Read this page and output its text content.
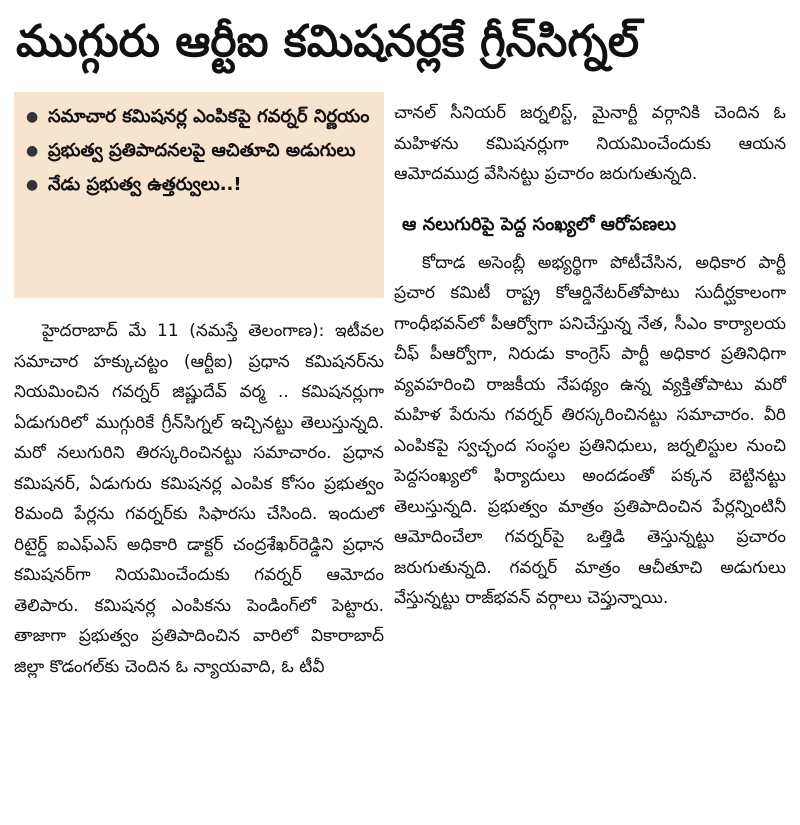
ముగ్గురు ఆర్టీఐ కమిషనర్లకే గ్రీన్‌సిగ్నల్
● సమాచార కమిషనర్ల ఎంపికపై గవర్నర్ నిర్ణయం
● ప్రభుత్వ ప్రతిపాదనలపై ఆచితూచి అడుగులు
● నేడు ప్రభుత్వ ఉత్తర్వులు..!

హైదరాబాద్ మే 11 (నమస్తే తెలంగాణ): ఇటీవల సమాచార హక్కుచట్టం (ఆర్టీఐ) ప్రధాన కమిషనర్‌ను నియమించిన గవర్నర్ జిష్ణుదేవ్ వర్మ .. కమిషనర్లుగా ఏడుగురిలో ముగ్గురికే గ్రీన్‌సిగ్నల్ ఇచ్చినట్టు తెలుస్తున్నది. మరో నలుగురిని తిరస్కరించినట్టు సమాచారం. ప్రధాన కమిషనర్, ఏడుగురు కమిషనర్ల ఎంపిక కోసం ప్రభుత్వం 8మంది పేర్లను గవర్నర్‌కు సిఫారసు చేసింది. ఇందులో రిటైర్డ్ ఐఎఫ్‌ఎస్ అధికారి డాక్టర్ చంద్రశేఖర్‌రెడ్డిని ప్రధాన కమిషనర్‌గా నియమించేందుకు గవర్నర్ ఆమోదం తెలిపారు. కమిషనర్ల ఎంపికను పెండింగ్‌లో పెట్టారు. తాజాగా ప్రభుత్వం ప్రతిపాదించిన వారిలో వికారాబాద్ జిల్లా కొడంగల్‌కు చెందిన ఓ న్యాయవాది, ఓ టీవీ

చానల్ సీనియర్ జర్నలిస్ట్, మైనార్టీ వర్గానికి చెందిన ఓ మహిళను కమిషనర్లుగా నియమించేందుకు ఆయన ఆమోదముద్ర వేసినట్టు ప్రచారం జరుగుతున్నది.

ఆ నలుగురిపై పెద్ద సంఖ్యలో ఆరోపణలు

కోదాడ అసెంబ్లీ అభ్యర్థిగా పోటీచేసిన, అధికార పార్టీ ప్రచార కమిటీ రాష్ట్ర కోఆర్డినేటర్‌తోపాటు సుదీర్ఘకాలంగా గాంధీభవన్‌లో పీఆర్వోగా పనిచేస్తున్న నేత, సీఎం కార్యాలయ చీఫ్ పీఆర్వోగా, నిరుడు కాంగ్రెస్ పార్టీ అధికార ప్రతినిధిగా వ్యవహరించి రాజకీయ నేపథ్యం ఉన్న వ్యక్తితోపాటు మరో మహిళ పేరును గవర్నర్ తిరస్కరించినట్టు సమాచారం. వీరి ఎంపికపై స్వచ్ఛంద సంస్థల ప్రతినిధులు, జర్నలిస్టుల నుంచి పెద్దసంఖ్యలో ఫిర్యాదులు అందడంతో పక్కన బెట్టినట్టు తెలుస్తున్నది. ప్రభుత్వం మాత్రం ప్రతిపాదించిన పేర్లన్నింటినీ ఆమోదించేలా గవర్నర్‌పై ఒత్తిడి తెస్తున్నట్టు ప్రచారం జరుగుతున్నది. గవర్నర్ మాత్రం ఆచీతూచి అడుగులు వేస్తున్నట్టు రాజ్‌భవన్ వర్గాలు చెప్తున్నాయి.
